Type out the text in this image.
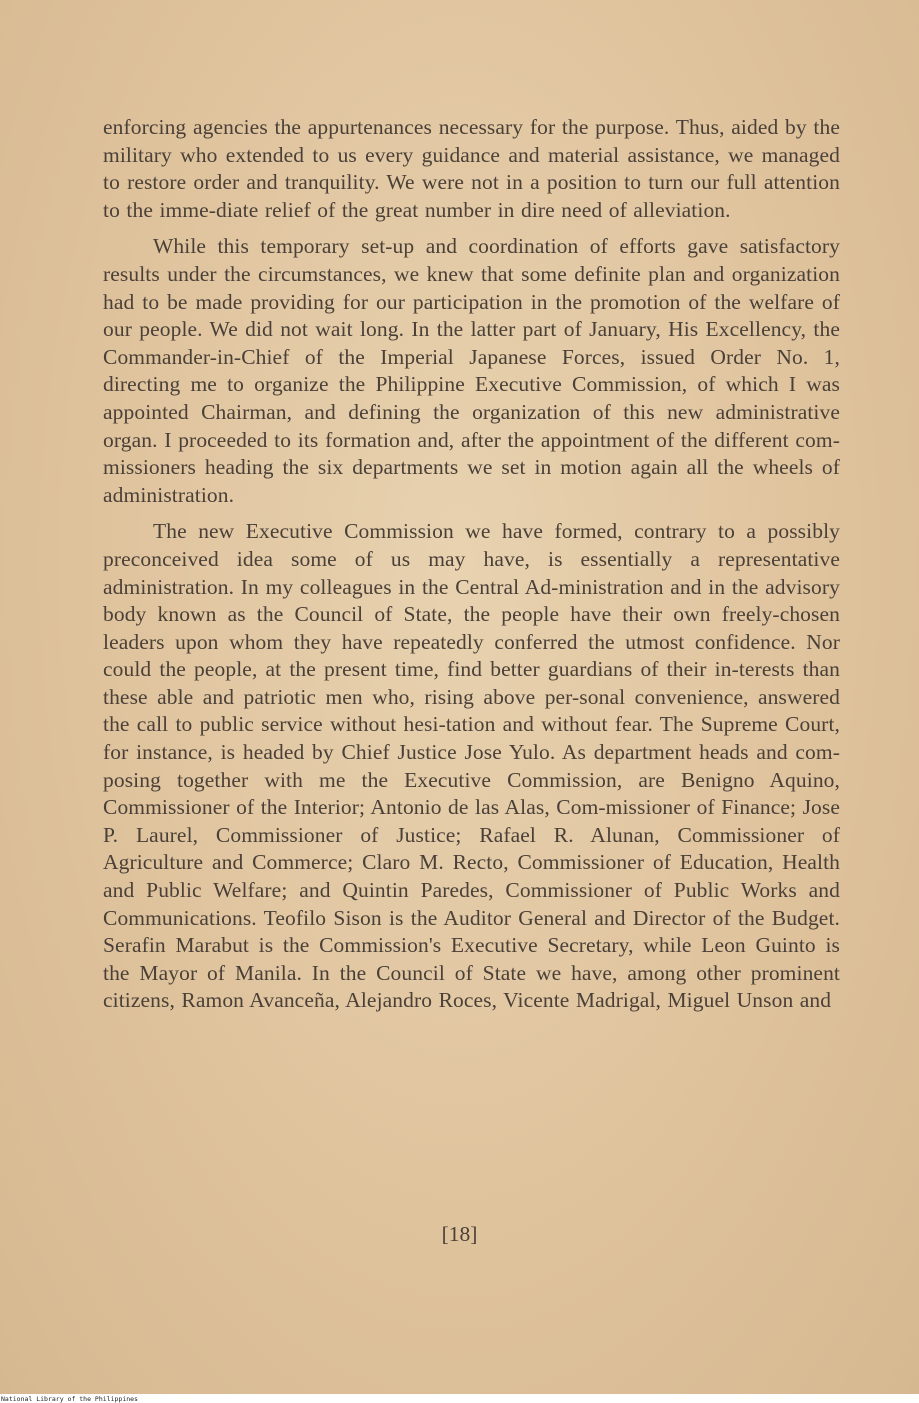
enforcing agencies the appurtenances necessary for the purpose. Thus, aided by the military who extended to us every guidance and material assistance, we managed to restore order and tranquility. We were not in a position to turn our full attention to the imme-diate relief of the great number in dire need of alleviation.

While this temporary set-up and coordination of efforts gave satisfactory results under the circumstances, we knew that some definite plan and organization had to be made providing for our participation in the promotion of the welfare of our people. We did not wait long. In the latter part of January, His Excellency, the Commander-in-Chief of the Imperial Japanese Forces, issued Order No. 1, directing me to organize the Philippine Executive Commission, of which I was appointed Chairman, and defining the organization of this new administrative organ. I proceeded to its formation and, after the appointment of the different com-missioners heading the six departments we set in motion again all the wheels of administration.

The new Executive Commission we have formed, contrary to a possibly preconceived idea some of us may have, is essentially a representative administration. In my colleagues in the Central Ad-ministration and in the advisory body known as the Council of State, the people have their own freely-chosen leaders upon whom they have repeatedly conferred the utmost confidence. Nor could the people, at the present time, find better guardians of their in-terests than these able and patriotic men who, rising above per-sonal convenience, answered the call to public service without hesi-tation and without fear. The Supreme Court, for instance, is headed by Chief Justice Jose Yulo. As department heads and com-posing together with me the Executive Commission, are Benigno Aquino, Commissioner of the Interior; Antonio de las Alas, Com-missioner of Finance; Jose P. Laurel, Commissioner of Justice; Rafael R. Alunan, Commissioner of Agriculture and Commerce; Claro M. Recto, Commissioner of Education, Health and Public Welfare; and Quintin Paredes, Commissioner of Public Works and Communications. Teofilo Sison is the Auditor General and Director of the Budget. Serafin Marabut is the Commission's Executive Secretary, while Leon Guinto is the Mayor of Manila. In the Council of State we have, among other prominent citizens, Ramon Avanceña, Alejandro Roces, Vicente Madrigal, Miguel Unson and

[18]
National Library of the Philippines
